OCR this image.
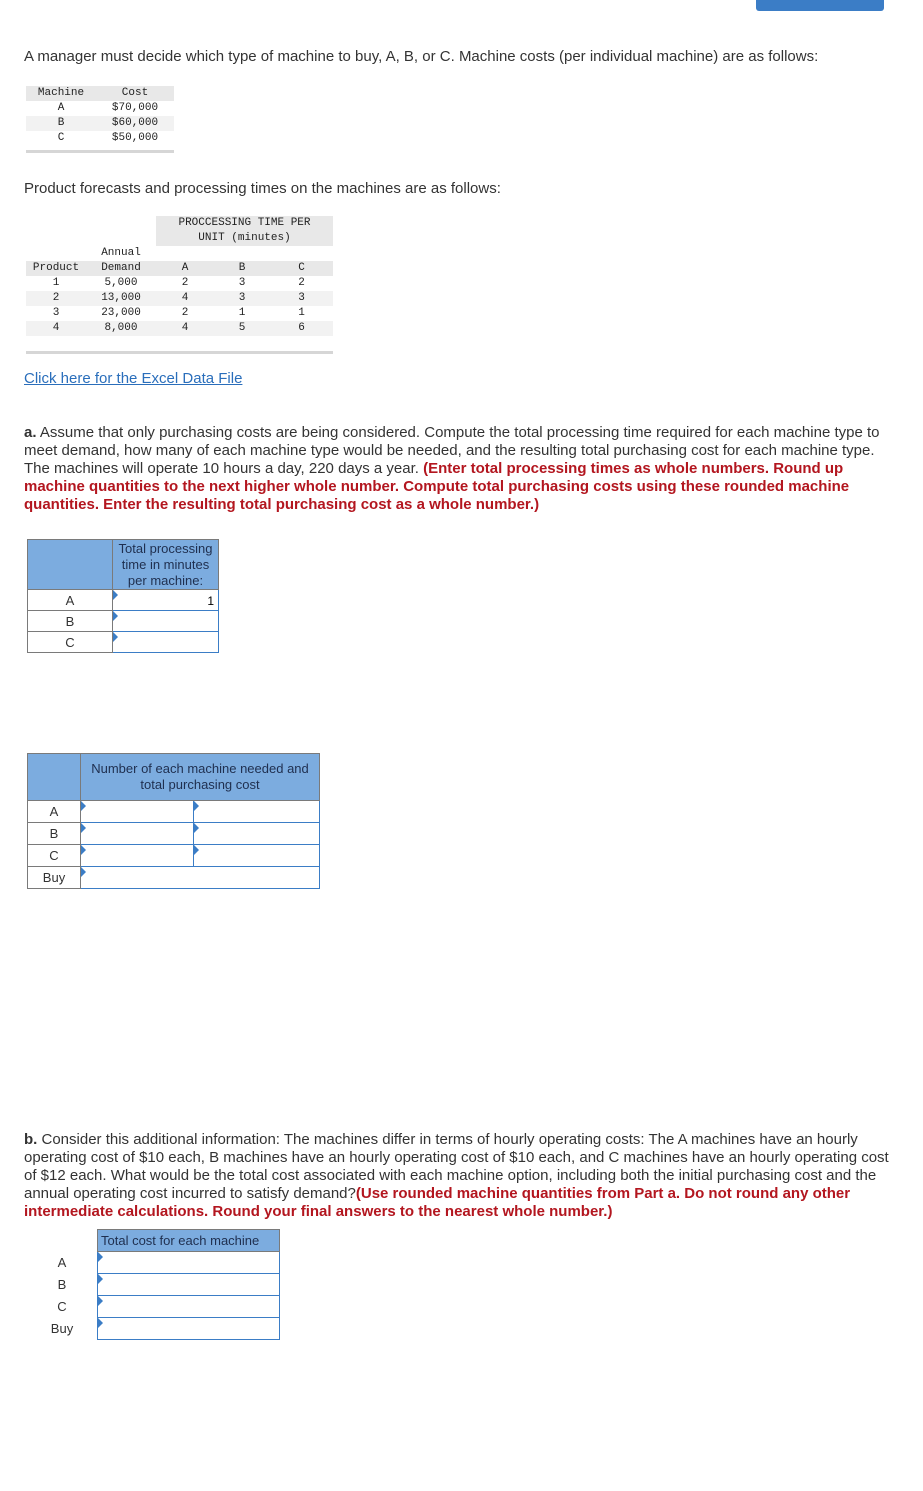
A manager must decide which type of machine to buy, A, B, or C. Machine costs (per individual machine) are as follows:

Machine	Cost
A	$70,000
B	$60,000
C	$50,000

Product forecasts and processing times on the machines are as follows:

		PROCCESSING TIME PER		
		UNIT (minutes)		
	Annual			
Product	Demand	A	B	C
1	5,000	2	3	2
2	13,000	4	3	3
3	23,000	2	1	1
4	8,000	4	5	6

Click here for the Excel Data File

a. Assume that only purchasing costs are being considered. Compute the total processing time required for each machine type to meet demand, how many of each machine type would be needed, and the resulting total purchasing cost for each machine type. The machines will operate 10 hours a day, 220 days a year. (Enter total processing times as whole numbers. Round up machine quantities to the next higher whole number. Compute total purchasing costs using these rounded machine quantities. Enter the resulting total purchasing cost as a whole number.)

	Total processing time in minutes per machine:
A	1
B	
C	
	Number of each machine needed and total purchasing cost	
A		
B		
C		
Buy	

b. Consider this additional information: The machines differ in terms of hourly operating costs: The A machines have an hourly operating cost of $10 each, B machines have an hourly operating cost of $10 each, and C machines have an hourly operating cost of $12 each. What would be the total cost associated with each machine option, including both the initial purchasing cost and the annual operating cost incurred to satisfy demand?(Use rounded machine quantities from Part a. Do not round any other intermediate calculations. Round your final answers to the nearest whole number.)

	Total cost for each machine
A	
B	
C	
Buy	
